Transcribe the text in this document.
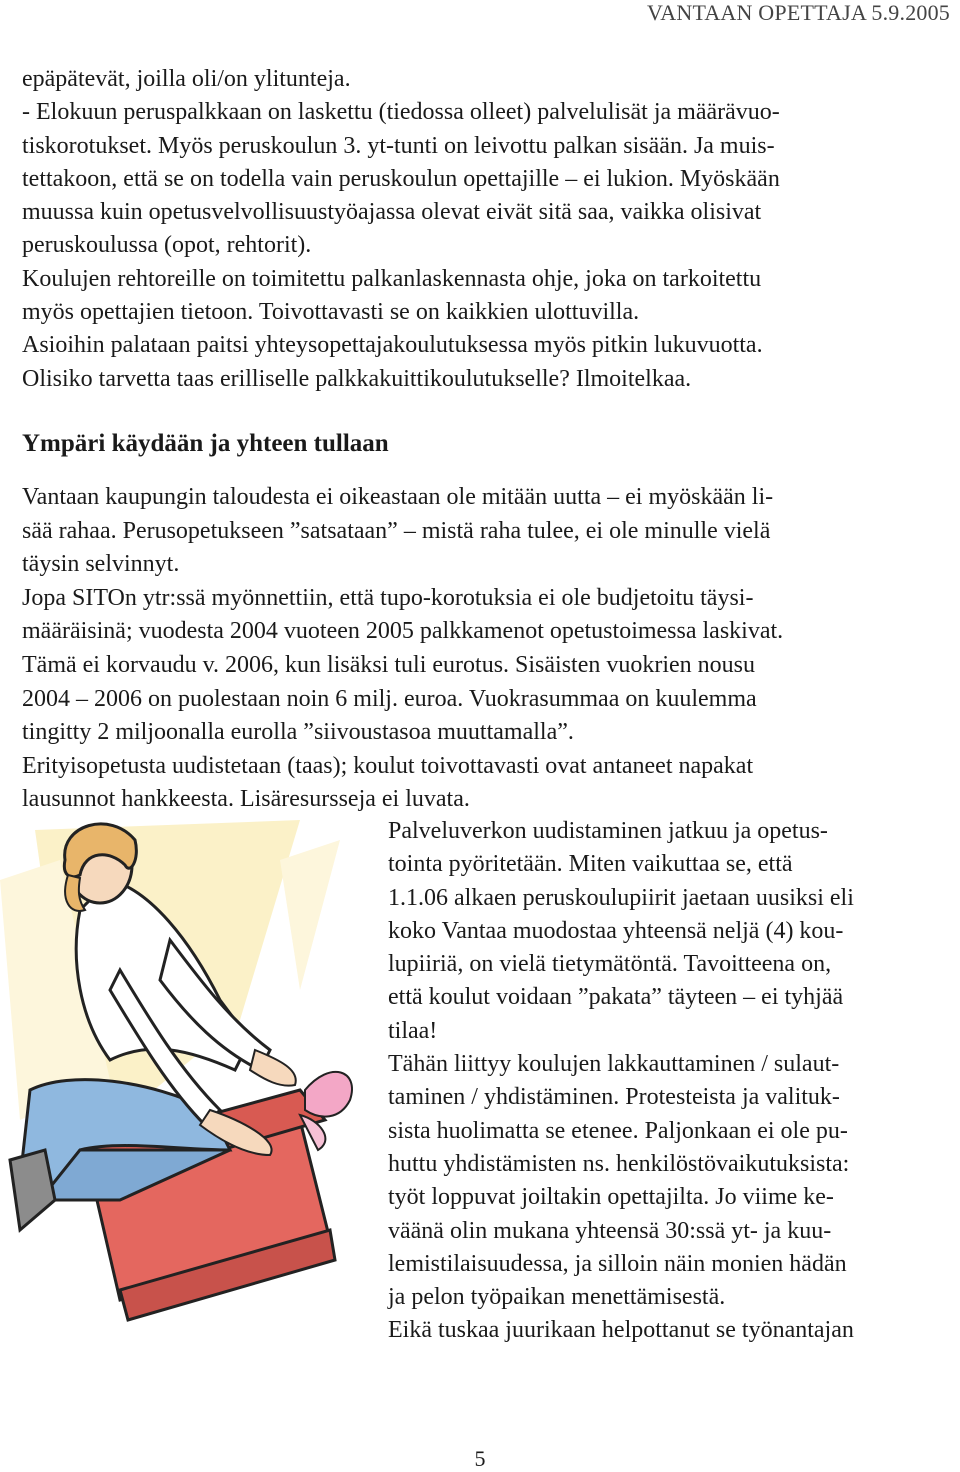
VANTAAN OPETTAJA 5.9.2005
epäpätevät, joilla oli/on ylituntеja.
- Elokuun peruspalkkaan on laskettu (tiedossa olleet) palvelulisät ja määrävuo-
tiskorotukset. Myös peruskoulun 3. yt-tunti on leivottu palkan sisään. Ja muis-
tettakoon, että se on todella vain peruskoulun opettajille – ei lukion. Myöskään
muussa kuin opetusvelvollisuustyöajassa olevat eivät sitä saa, vaikka olisivat
peruskoulussa (opot, rehtorit).
Koulujen rehtoreille on toimitettu palkanlaskennasta ohje, joka on tarkoitettu
myös opettajien tietoon. Toivottavasti se on kaikkien ulottuvilla.
Asioihin palataan paitsi yhteysopettajakoulutuksessa myös pitkin lukuvuotta.
Olisiko tarvetta taas erilliselle palkkakuittikoulutukselle? Ilmoitelkaa.
Ympäri käydään ja yhteen tullaan
Vantaan kaupungin taloudesta ei oikeastaan ole mitään uutta – ei myöskään li-
sää rahaa. Perusopetukseen ”satsataan” – mistä raha tulee, ei ole minulle vielä
täysin selvinnyt.
Jopa SITOn ytr:ssä myönnettiin, että tupo-korotuksia ei ole budjetoitu täysi-
määräisinä; vuodesta 2004 vuoteen 2005 palkkamenot opetustoimessa laskivat.
Tämä ei korvaudu v. 2006, kun lisäksi tuli eurotus. Sisäisten vuokrien nousu
2004 – 2006 on puolestaan noin 6 milj. euroa. Vuokrasummaa on kuulemma
tingitty 2 miljoonalla eurolla ”siivoustasoa muuttamalla”.
Erityisopetusta uudistetaan (taas); koulut toivottavasti ovat antaneet napakat
lausunnot hankkeesta. Lisäresursseja ei luvata.
Palveluverkon uudistaminen jatkuu ja opetus-
tointa pyöritetään. Miten vaikuttaa se, että
1.1.06 alkaen peruskoulupiirit jaetaan uusiksi eli
koko Vantaa muodostaa yhteensä neljä (4) kou-
lupiiriä, on vielä tietymätöntä. Tavoitteena on,
että koulut voidaan ”pakata” täyteen – ei tyhjää
tilaa!
Tähän liittyy koulujen lakkauttaminen / sulaut-
taminen / yhdistäminen. Protesteista ja valituk-
sista huolimatta se etenee. Paljonkaan ei ole pu-
huttu yhdistämisten ns. henkilöstövaikutuksista:
työt loppuvat joiltakin opettajilta. Jo viime ke-
väänä olin mukana yhteensä 30:ssä yt- ja kuu-
lemistilaisuudessa, ja silloin näin monien hädän
ja pelon työpaikan menettämisestä.
Eikä tuskaa juurikaan helpottanut se työnantajan
5
